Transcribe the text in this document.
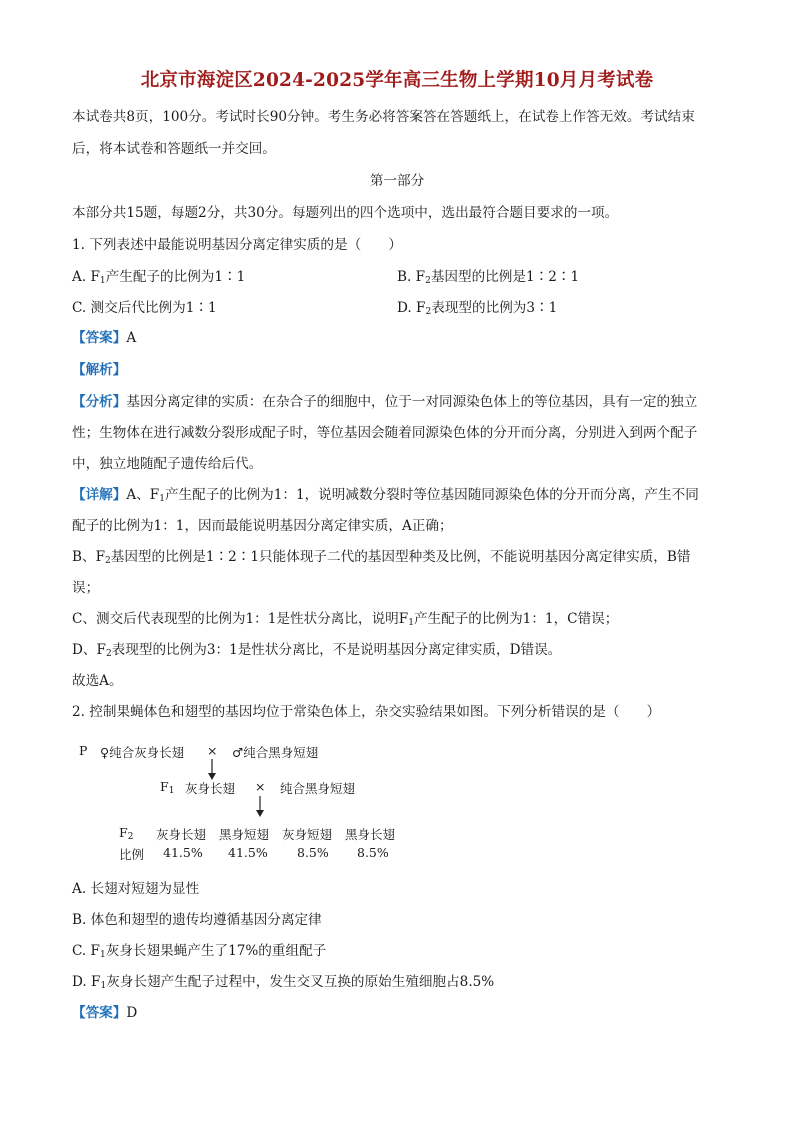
北京市海淀区2024-2025学年高三生物上学期10月月考试卷
本试卷共8页，100分。考试时长90分钟。考生务必将答案答在答题纸上，在试卷上作答无效。考试结束
后，将本试卷和答题纸一并交回。
第一部分
本部分共15题，每题2分，共30分。每题列出的四个选项中，选出最符合题目要求的一项。
1. 下列表述中最能说明基因分离定律实质的是（　　）
A. $F_1$产生配子的比例为1∶1	B. $F_2$基因型的比例是1∶2∶1
C. 测交后代比例为1∶1	D. $F_2$表现型的比例为3∶1
【答案】A
【解析】
【分析】基因分离定律的实质：在杂合子的细胞中，位于一对同源染色体上的等位基因，具有一定的独立
性；生物体在进行减数分裂形成配子时，等位基因会随着同源染色体的分开而分离，分别进入到两个配子
中，独立地随配子遗传给后代。
【详解】A、$F_1$产生配子的比例为1：1，说明减数分裂时等位基因随同源染色体的分开而分离，产生不同
配子的比例为1：1，因而最能说明基因分离定律实质，A正确；
B、$F_2$基因型的比例是1∶2∶1只能体现子二代的基因型种类及比例，不能说明基因分离定律实质，B错
误；
C、测交后代表现型的比例为1：1是性状分离比，说明$F_1$产生配子的比例为1：1，C错误；
D、$F_2$表现型的比例为3：1是性状分离比，不是说明基因分离定律实质，D错误。
故选A。
2. 控制果蝇体色和翅型的基因均位于常染色体上，杂交实验结果如图。下列分析错误的是（　　）
P ♀纯合灰身长翅 × ♂纯合黑身短翅
$F_1$ 灰身长翅 × 纯合黑身短翅
$F_2$ 灰身长翅 黑身短翅 灰身短翅 黑身长翅
比例 41.5% 41.5% 8.5% 8.5%
A. 长翅对短翅为显性
B. 体色和翅型的遗传均遵循基因分离定律
C. $F_1$灰身长翅果蝇产生了17%的重组配子
D. $F_1$灰身长翅产生配子过程中，发生交叉互换的原始生殖细胞占8.5%
【答案】D
